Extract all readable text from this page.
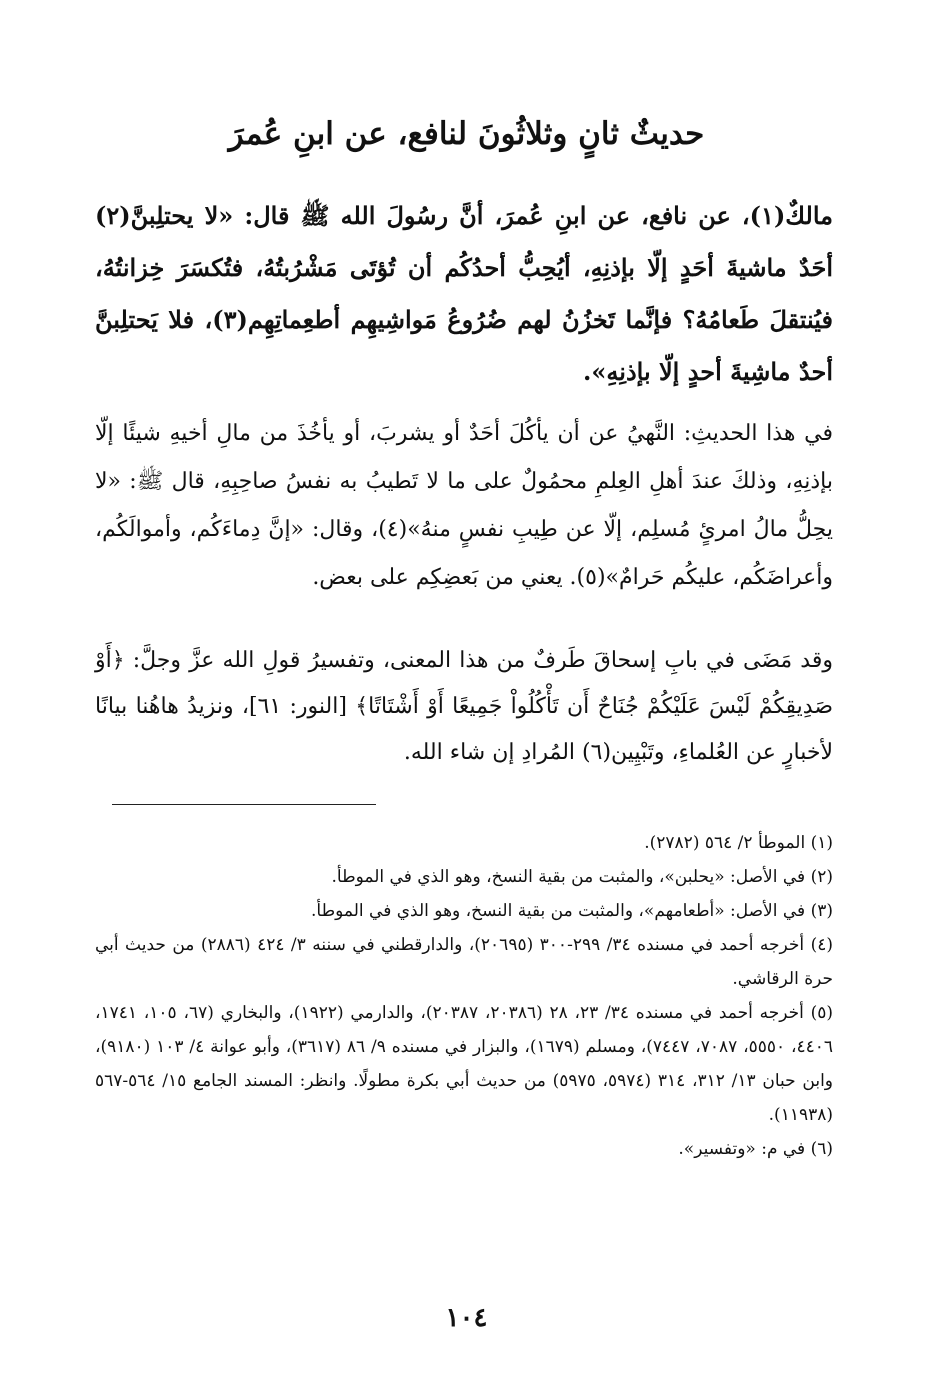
حديثٌ ثانٍ وثلاثُونَ لنافع، عن ابنِ عُمرَ

مالكٌ(١)، عن نافع، عن ابنِ عُمرَ، أنَّ رسُولَ الله ﷺ قال: «لا يحتلِبنَّ(٢) أحَدٌ ماشيةَ أحَدٍ إلّا بإذنِهِ، أيُحِبُّ أحدُكُم أن تُؤتَى مَشْرُبتُهُ، فتُكسَرَ خِزانتُهُ، فيُنتقلَ طَعامُهُ؟ فإنَّما تَخزُنُ لهم ضُرُوعُ مَواشِيهِم أطعِماتِهِم(٣)، فلا يَحتلِبنَّ أحدٌ ماشِيةَ أحدٍ إلّا بإذنِهِ».

في هذا الحديثِ: النَّهيُ عن أن يأكُلَ أحَدٌ أو يشربَ، أو يأخُذَ من مالِ أخيهِ شيئًا إلّا بإذنِهِ، وذلكَ عندَ أهلِ العِلمِ محمُولٌ على ما لا تَطيبُ به نفسُ صاحِبِهِ، قال ﷺ: «لا يحِلُّ مالُ امرئٍ مُسلِم، إلّا عن طِيبِ نفسٍ منهُ»(٤)، وقال: «إنَّ دِماءَكُم، وأموالَكُم، وأعراضَكُم، عليكُم حَرامٌ»(٥). يعني من بَعضِكِم على بعض.

وقد مَضَى في بابِ إسحاقَ طَرفٌ من هذا المعنى، وتفسيرُ قولِ الله عزَّ وجلَّ: ﴿أَوْ صَدِيقِكُمْ لَيْسَ عَلَيْكُمْ جُنَاحٌ أَن تَأْكُلُواْ جَمِيعًا أَوْ أَشْتَاتًا﴾ [النور: ٦١]، ونزيدُ هاهُنا بيانًا لأخبارٍ عن العُلماءِ، وتَبْيِين(٦) المُرادِ إن شاء الله.

(١) الموطأ ٢/ ٥٦٤ (٢٧٨٢).

(٢) في الأصل: «يحلبن»، والمثبت من بقية النسخ، وهو الذي في الموطأ.

(٣) في الأصل: «أطعامهم»، والمثبت من بقية النسخ، وهو الذي في الموطأ.

(٤) أخرجه أحمد في مسنده ٣٤/ ٢٩٩-٣٠٠ (٢٠٦٩٥)، والدارقطني في سننه ٣/ ٤٢٤ (٢٨٨٦) من حديث أبي حرة الرقاشي.

(٥) أخرجه أحمد في مسنده ٣٤/ ٢٣، ٢٨ (٢٠٣٨٦، ٢٠٣٨٧)، والدارمي (١٩٢٢)، والبخاري (٦٧، ١٠٥، ١٧٤١، ٤٤٠٦، ٥٥٥٠، ٧٠٨٧، ٧٤٤٧)، ومسلم (١٦٧٩)، والبزار في مسنده ٩/ ٨٦ (٣٦١٧)، وأبو عوانة ٤/ ١٠٣ (٩١٨٠)، وابن حبان ١٣/ ٣١٢، ٣١٤ (٥٩٧٤، ٥٩٧٥) من حديث أبي بكرة مطولًا. وانظر: المسند الجامع ١٥/ ٥٦٤-٥٦٧ (١١٩٣٨).

(٦) في م: «وتفسير».

١٠٤
